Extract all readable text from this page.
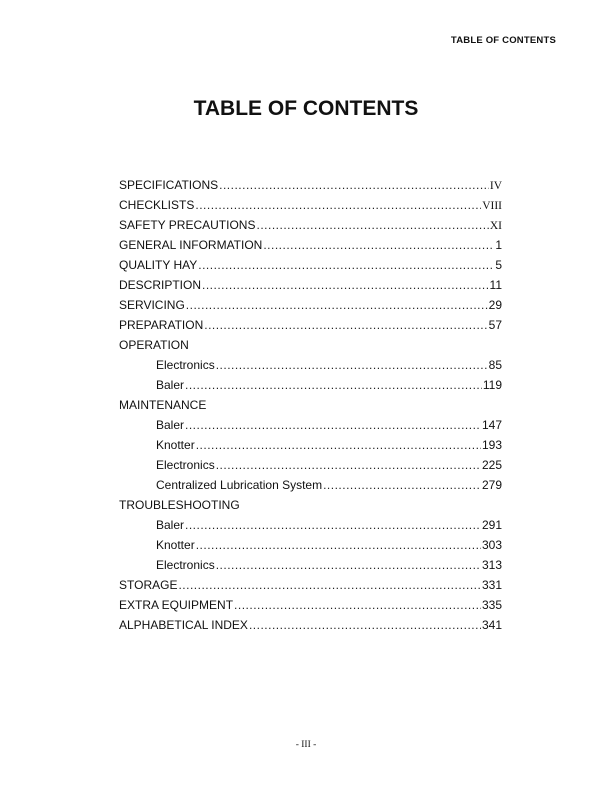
TABLE OF CONTENTS
TABLE OF CONTENTS
SPECIFICATIONS .....	IV
CHECKLISTS .....	VIII
SAFETY PRECAUTIONS .....	XI
GENERAL INFORMATION .....	1
QUALITY HAY .....	5
DESCRIPTION .....	11
SERVICING .....	29
PREPARATION .....	57
OPERATION
Electronics .....	85
Baler .....	119
MAINTENANCE
Baler .....	147
Knotter .....	193
Electronics .....	225
Centralized Lubrication System .....	279
TROUBLESHOOTING
Baler .....	291
Knotter .....	303
Electronics .....	313
STORAGE .....	331
EXTRA EQUIPMENT .....	335
ALPHABETICAL INDEX .....	341
- III -
